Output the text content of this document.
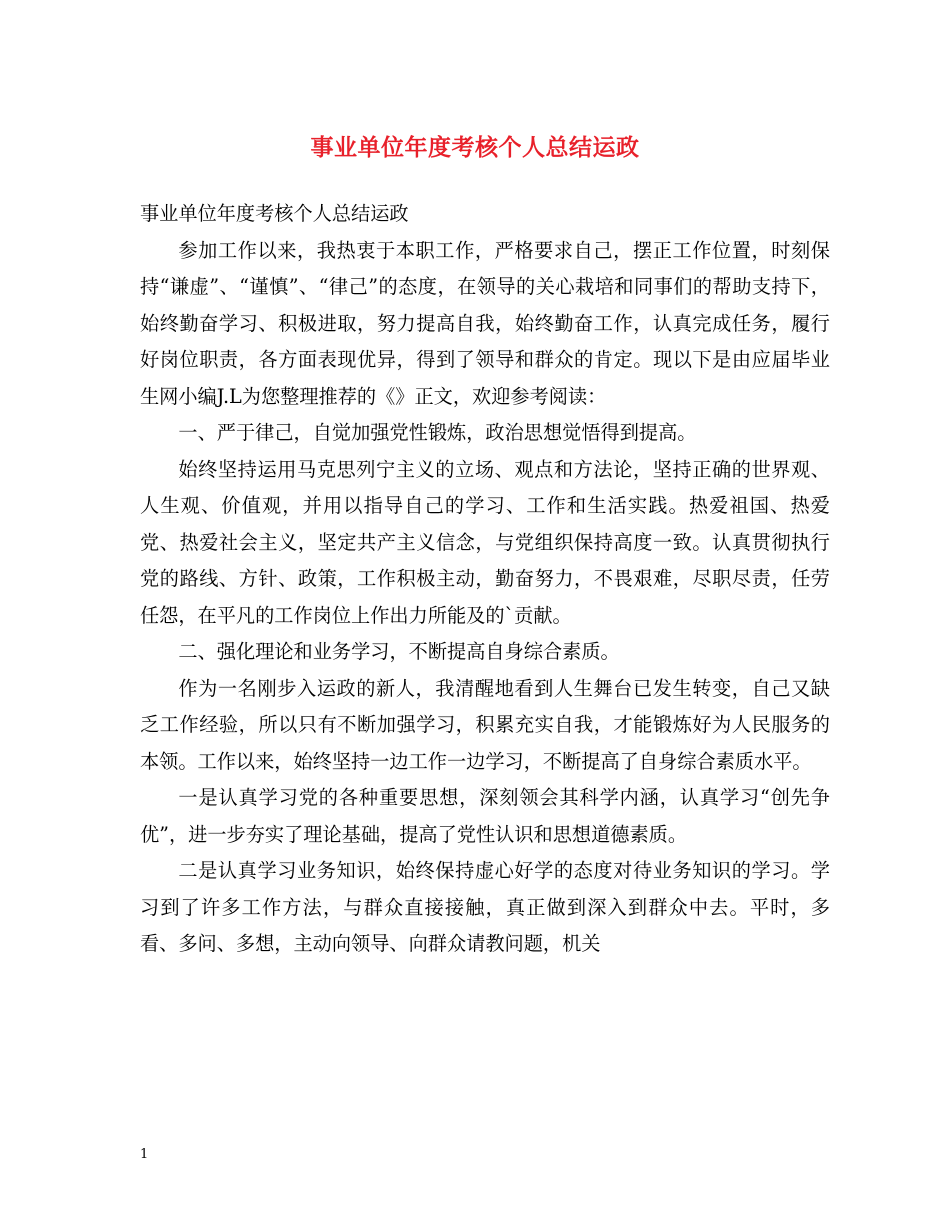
事业单位年度考核个人总结运政

事业单位年度考核个人总结运政

参加工作以来，我热衷于本职工作，严格要求自己，摆正工作位置，时刻保持“谦虚”、“谨慎”、“律己”的态度，在领导的关心栽培和同事们的帮助支持下，始终勤奋学习、积极进取，努力提高自我，始终勤奋工作，认真完成任务，履行好岗位职责，各方面表现优异，得到了领导和群众的肯定。现以下是由应届毕业生网小编J.L为您整理推荐的《》正文，欢迎参考阅读：

一、严于律己，自觉加强党性锻炼，政治思想觉悟得到提高。

始终坚持运用马克思列宁主义的立场、观点和方法论，坚持正确的世界观、人生观、价值观，并用以指导自己的学习、工作和生活实践。热爱祖国、热爱党、热爱社会主义，坚定共产主义信念，与党组织保持高度一致。认真贯彻执行党的路线、方针、政策，工作积极主动，勤奋努力，不畏艰难，尽职尽责，任劳任怨，在平凡的工作岗位上作出力所能及的`贡献。

二、强化理论和业务学习，不断提高自身综合素质。

作为一名刚步入运政的新人，我清醒地看到人生舞台已发生转变，自己又缺乏工作经验，所以只有不断加强学习，积累充实自我，才能锻炼好为人民服务的本领。工作以来，始终坚持一边工作一边学习，不断提高了自身综合素质水平。

一是认真学习党的各种重要思想，深刻领会其科学内涵，认真学习“创先争优”，进一步夯实了理论基础，提高了党性认识和思想道德素质。

二是认真学习业务知识，始终保持虚心好学的态度对待业务知识的学习。学习到了许多工作方法，与群众直接接触，真正做到深入到群众中去。平时，多看、多问、多想，主动向领导、向群众请教问题，机关

1
